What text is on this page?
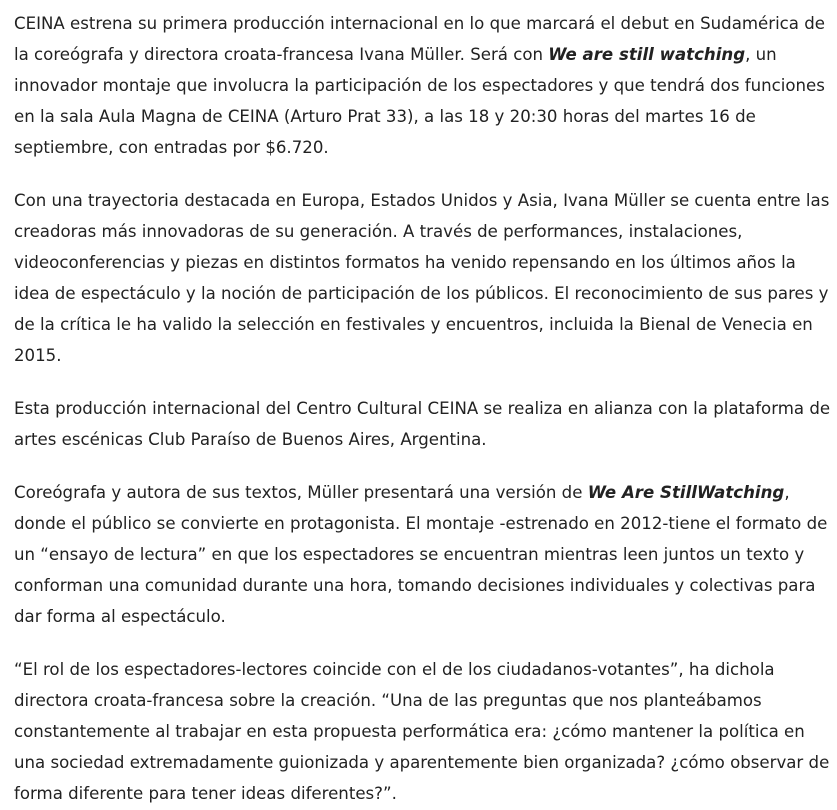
CEINA estrena su primera producción internacional en lo que marcará el debut en Sudamérica de la coreógrafa y directora croata-francesa Ivana Müller. Será con We are still watching, un innovador montaje que involucra la participación de los espectadores y que tendrá dos funciones en la sala Aula Magna de CEINA (Arturo Prat 33), a las 18 y 20:30 horas del martes 16 de septiembre, con entradas por $6.720.

Con una trayectoria destacada en Europa, Estados Unidos y Asia, Ivana Müller se cuenta entre las creadoras más innovadoras de su generación. A través de performances, instalaciones, videoconferencias y piezas en distintos formatos ha venido repensando en los últimos años la idea de espectáculo y la noción de participación de los públicos. El reconocimiento de sus pares y de la crítica le ha valido la selección en festivales y encuentros, incluida la Bienal de Venecia en 2015.

Esta producción internacional del Centro Cultural CEINA se realiza en alianza con la plataforma de artes escénicas Club Paraíso de Buenos Aires, Argentina.

Coreógrafa y autora de sus textos, Müller presentará una versión de We Are StillWatching, donde el público se convierte en protagonista. El montaje -estrenado en 2012-tiene el formato de un “ensayo de lectura” en que los espectadores se encuentran mientras leen juntos un texto y conforman una comunidad durante una hora, tomando decisiones individuales y colectivas para dar forma al espectáculo.

“El rol de los espectadores-lectores coincide con el de los ciudadanos-votantes”, ha dichola directora croata-francesa sobre la creación. “Una de las preguntas que nos planteábamos constantemente al trabajar en esta propuesta performática era: ¿cómo mantener la política en una sociedad extremadamente guionizada y aparentemente bien organizada? ¿cómo observar de forma diferente para tener ideas diferentes?”.
